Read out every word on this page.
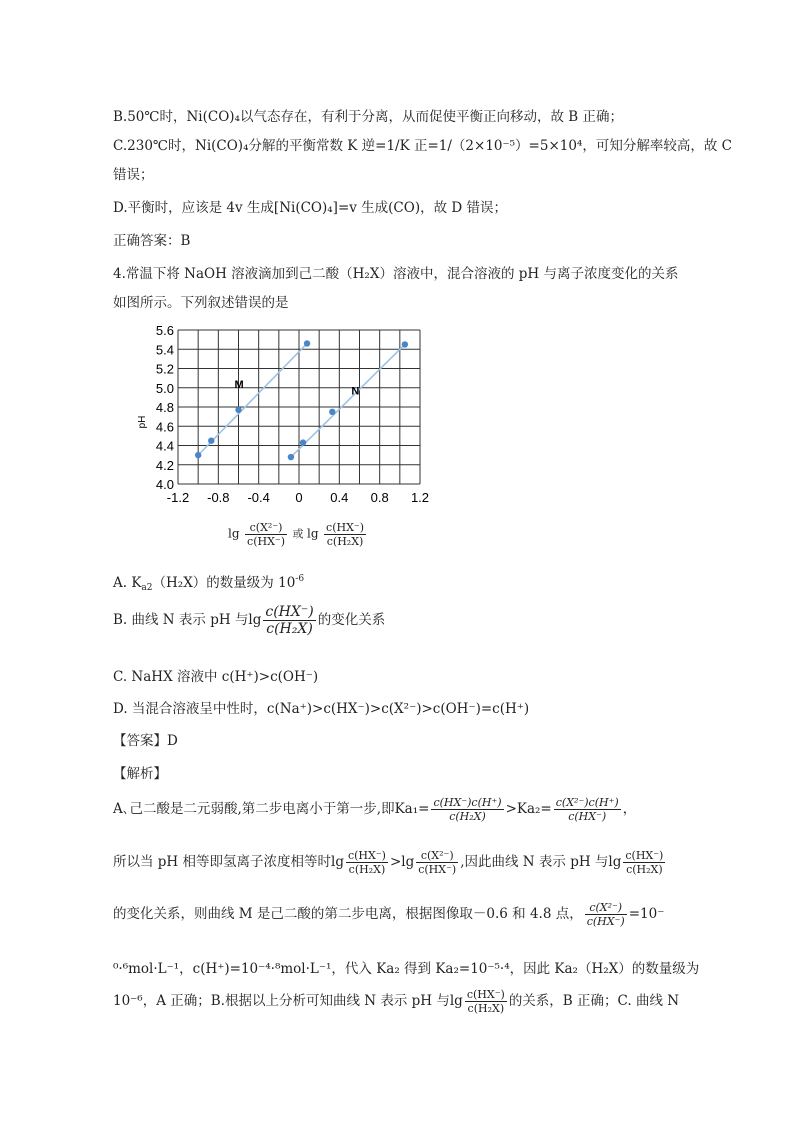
B.50℃时，Ni(CO)₄以气态存在，有利于分离，从而促使平衡正向移动，故 B 正确；
C.230℃时，Ni(CO)₄分解的平衡常数 K 逆=1/K 正=1/（2×10⁻⁵）=5×10⁴，可知分解率较高，故 C
错误；
D.平衡时，应该是 4v 生成[Ni(CO)₄]=v 生成(CO)，故 D 错误；
正确答案：B
4.常温下将 NaOH 溶液滴加到己二酸（H₂X）溶液中，混合溶液的 pH 与离子浓度变化的关系
如图所示。下列叙述错误的是
4.0
4.2
4.4
4.6
4.8
5.0
5.2
5.4
5.6
-1.2 -0.8 -0.4 0 0.4 0.8 1.2
M
N
pH
$\lg \frac{\text{c(X²⁻)}}{c(HX^-)}$ 或 $\lg \frac{c(HX^-)}{\text{c(H₂X)}}$
A. $K_{a2}(H_2X)$的数量级为 $10^{-6}$
B. 曲线 N 表示 pH 与$\lg \frac{c(HX^-)}{\text{c(H₂X)}}$ 的变化关系
C. NaHX 溶液中 c(H⁺)>c(OH⁻)
D. 当混合溶液呈中性时，c(Na⁺)>c(HX⁻)>c(X²⁻)>c(OH⁻)=c(H⁺)
【答案】D
【解析】
A､己二酸是二元弱酸,第二步电离小于第一步,即$Ka_1= \frac{c(HX^-)c(H^+)}{\text{c(H₂X)}} >Ka_2= \frac{\text{c(X²⁻)c(H⁺)}}{c(HX^-)}$ ，
所以当 pH 相等即氢离子浓度相等时$\lg \frac{c(HX^-)}{\text{c(H₂X)}} >\lg \frac{\text{c(X²⁻)}}{c(HX^-)}$ ,因此曲线 N 表示 pH 与$\lg \frac{c(HX^-)}{\text{c(H₂X)}}$
的变化关系，则曲线 M 是己二酸的第二步电离，根据图像取－0.6 和 4.8 点， $\frac{\text{c(X²⁻)}}{c(HX^-)} =10^-$
⁰·⁶mol·L⁻¹，c(H⁺)=10⁻⁴·⁸mol·L⁻¹，代入 Ka₂ 得到 Ka₂=10⁻⁵·⁴，因此 Ka₂（H₂X）的数量级为
10⁻⁶，A 正确；B.根据以上分析可知曲线 N 表示 pH 与$\lg \frac{c(HX^-)}{\text{c(H₂X)}}$ 的关系，B 正确；C. 曲线 N
